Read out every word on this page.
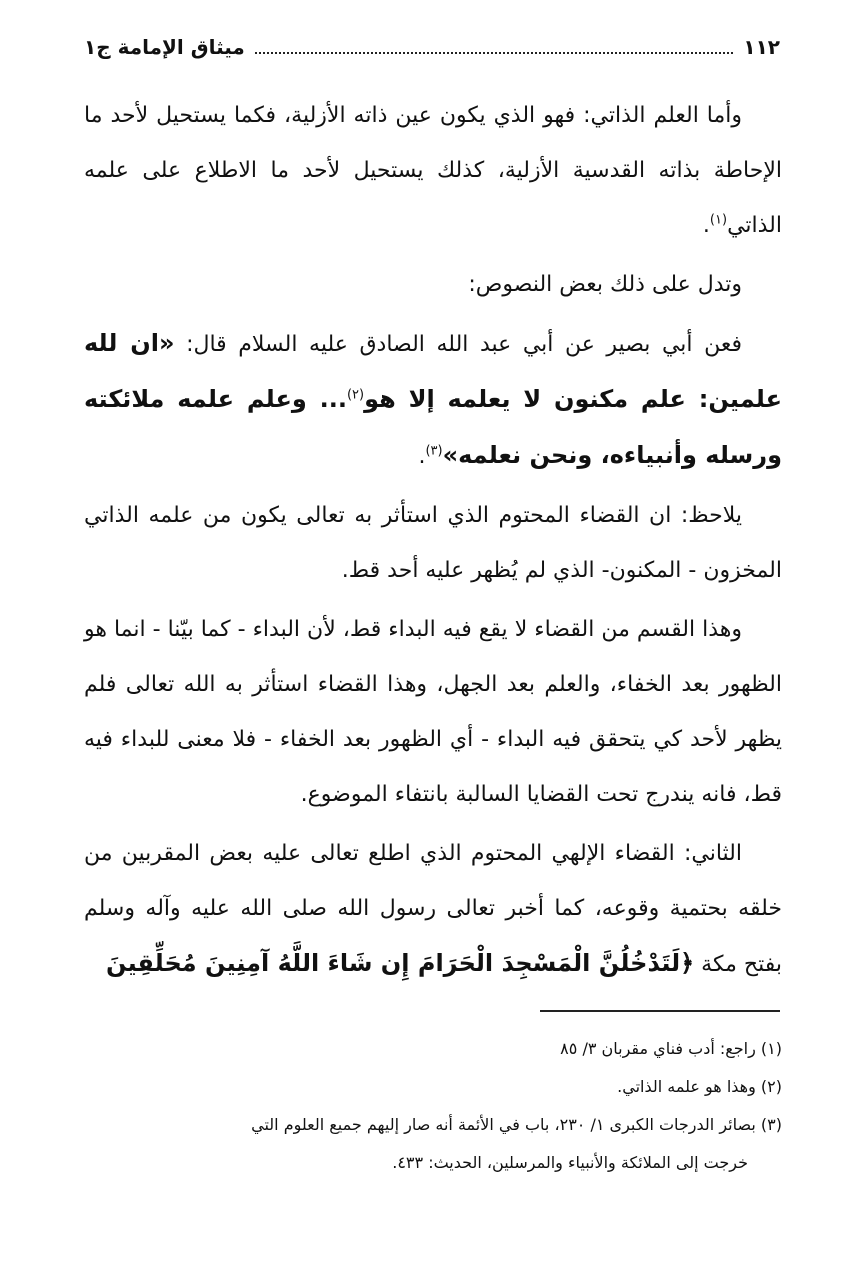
١١٢
ميثاق الإمامة ج١

وأما العلم الذاتي: فهو الذي يكون عين ذاته الأزلية، فكما يستحيل لأحد ما الإحاطة بذاته القدسية الأزلية، كذلك يستحيل لأحد ما الاطلاع على علمه الذاتي$^{(١)}$.

وتدل على ذلك بعض النصوص:

فعن أبي بصير عن أبي عبد الله الصادق عليه السلام قال: «ان لله علمين: علم مكنون لا يعلمه إلا هو$^{(٢)}$... وعلم علمه ملائكته ورسله وأنبياءه، ونحن نعلمه»$^{(٣)}$.

يلاحظ: ان القضاء المحتوم الذي استأثر به تعالى يكون من علمه الذاتي المخزون - المكنون- الذي لم يُظهر عليه أحد قط.

وهذا القسم من القضاء لا يقع فيه البداء قط، لأن البداء - كما بيّنا - انما هو الظهور بعد الخفاء، والعلم بعد الجهل، وهذا القضاء استأثر به الله تعالى فلم يظهر لأحد كي يتحقق فيه البداء - أي الظهور بعد الخفاء - فلا معنى للبداء فيه قط، فانه يندرج تحت القضايا السالبة بانتفاء الموضوع.

الثاني: القضاء الإلهي المحتوم الذي اطلع تعالى عليه بعض المقربين من خلقه بحتمية وقوعه، كما أخبر تعالى رسول الله صلى الله عليه وآله وسلم بفتح مكة ﴿لَتَدْخُلُنَّ الْمَسْجِدَ الْحَرَامَ إِن شَاءَ اللَّهُ آمِنِينَ مُحَلِّقِينَ

(١) راجع: أدب فناي مقربان ٣/ ٨٥

(٢) وهذا هو علمه الذاتي.

(٣) بصائر الدرجات الكبرى ١/ ٢٣٠، باب في الأئمة أنه صار إليهم جميع العلوم التي

خرجت إلى الملائكة والأنبياء والمرسلين، الحديث: ٤٣٣.
